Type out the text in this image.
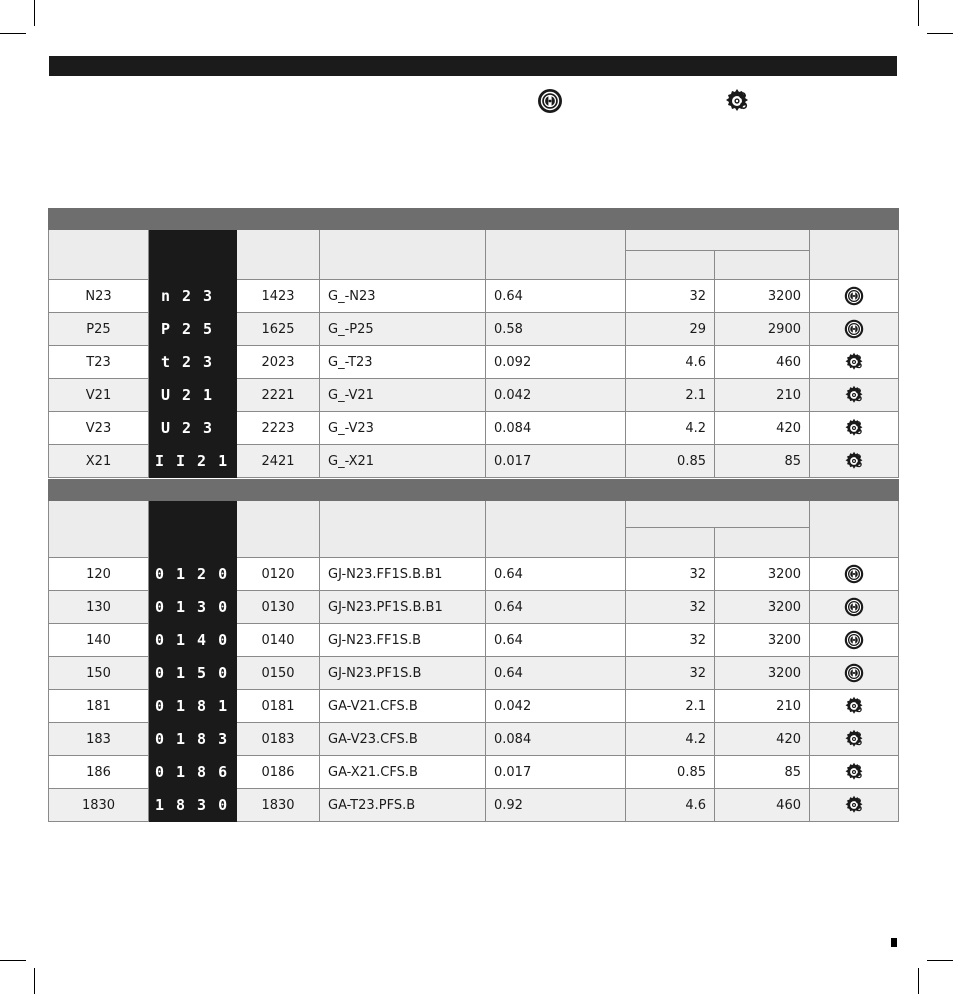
N23	n23	1423	G_-N23	0.64	32	3200	
P25	P25	1625	G_-P25	0.58	29	2900	
T23	t23	2023	G_-T23	0.092	4.6	460	
V21	U21	2221	G_-V21	0.042	2.1	210	
V23	U23	2223	G_-V23	0.084	4.2	420	
X21	II21	2421	G_-X21	0.017	0.85	85	

120	0120	0120	GJ-N23.FF1S.B.B1	0.64	32	3200	
130	0130	0130	GJ-N23.PF1S.B.B1	0.64	32	3200	
140	0140	0140	GJ-N23.FF1S.B	0.64	32	3200	
150	0150	0150	GJ-N23.PF1S.B	0.64	32	3200	
181	0181	0181	GA-V21.CFS.B	0.042	2.1	210	
183	0183	0183	GA-V23.CFS.B	0.084	4.2	420	
186	0186	0186	GA-X21.CFS.B	0.017	0.85	85	
1830	1830	1830	GA-T23.PFS.B	0.92	4.6	460	
